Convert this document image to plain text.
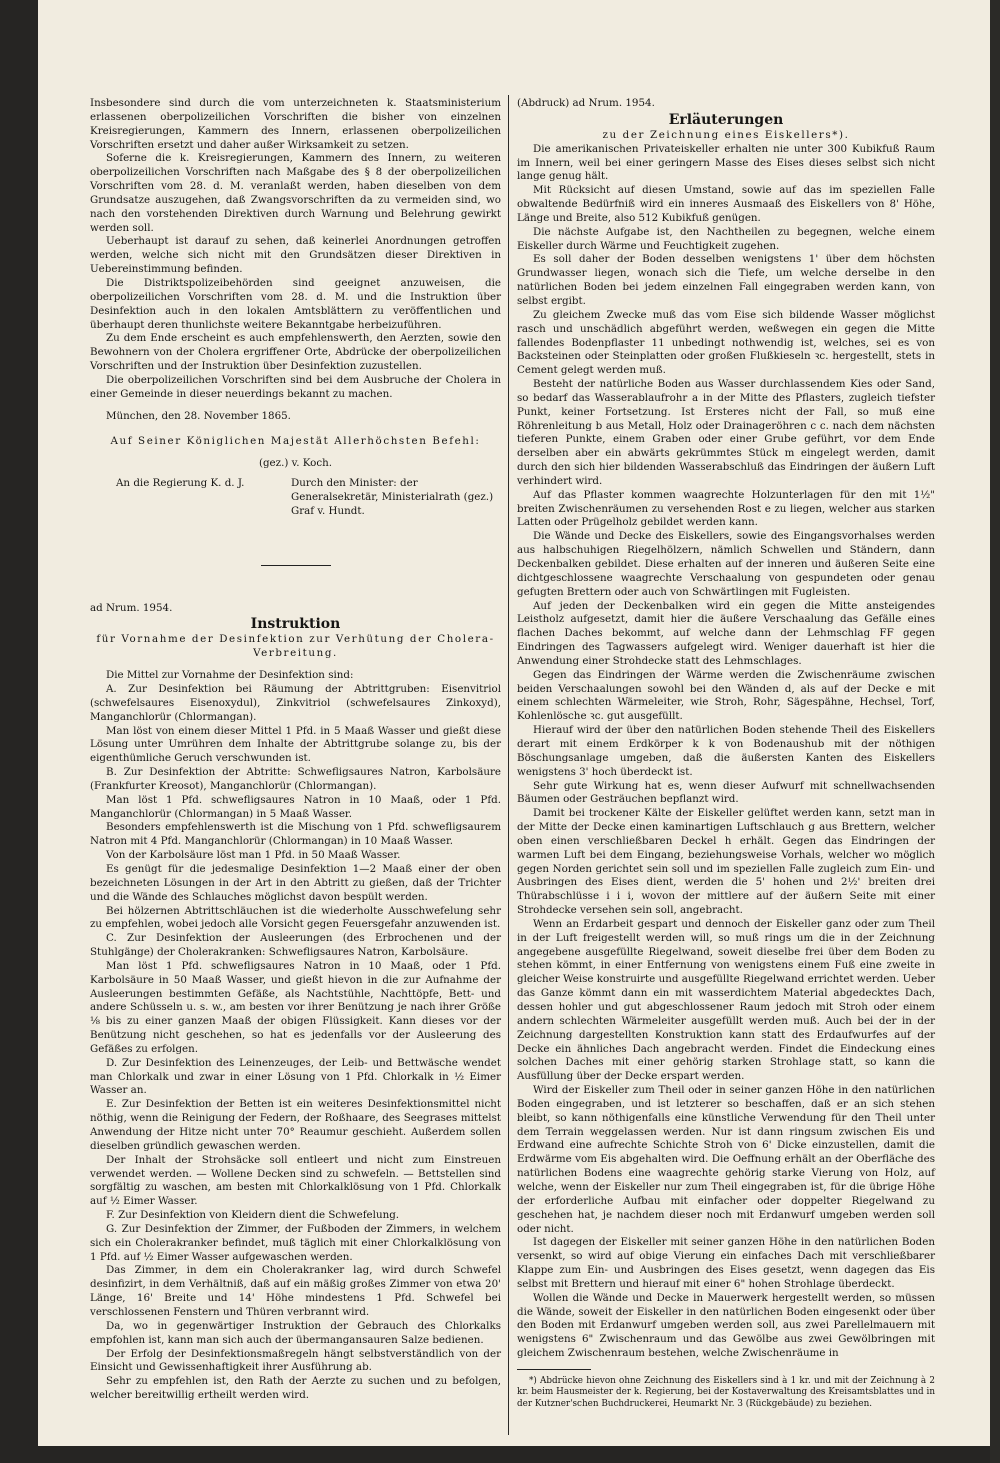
Insbesondere sind durch die vom unterzeichneten k. Staatsministerium erlassenen oberpolizeilichen Vorschriften die bisher von einzelnen Kreisregierungen, Kammern des Innern, erlassenen oberpolizeilichen Vorschriften ersetzt und daher außer Wirksamkeit zu setzen.

Soferne die k. Kreisregierungen, Kammern des Innern, zu weiteren oberpolizeilichen Vorschriften nach Maßgabe des § 8 der oberpolizeilichen Vorschriften vom 28. d. M. veranlaßt werden, haben dieselben von dem Grundsatze auszugehen, daß Zwangsvorschriften da zu vermeiden sind, wo nach den vorstehenden Direktiven durch Warnung und Belehrung gewirkt werden soll.

Ueberhaupt ist darauf zu sehen, daß keinerlei Anordnungen getroffen werden, welche sich nicht mit den Grundsätzen dieser Direktiven in Uebereinstimmung befinden.

Die Distriktspolizeibehörden sind geeignet anzuweisen, die oberpolizeilichen Vorschriften vom 28. d. M. und die Instruktion über Desinfektion auch in den lokalen Amtsblättern zu veröffentlichen und überhaupt deren thunlichste weitere Bekanntgabe herbeizuführen.

Zu dem Ende erscheint es auch empfehlenswerth, den Aerzten, sowie den Bewohnern von der Cholera ergriffener Orte, Abdrücke der oberpolizeilichen Vorschriften und der Instruktion über Desinfektion zuzustellen.

Die oberpolizeilichen Vorschriften sind bei dem Ausbruche der Cholera in einer Gemeinde in dieser neuerdings bekannt zu machen.

München, den 28. November 1865.

Auf Seiner Königlichen Majestät Allerhöchsten Befehl:

(gez.) v. Koch.

An die Regierung K. d. J.	Durch den Minister: der Generalsekretär, Ministerialrath (gez.) Graf v. Hundt.

ad Nrum. 1954.

Instruktion

für Vornahme der Desinfektion zur Verhütung der Cholera-Verbreitung.

Die Mittel zur Vornahme der Desinfektion sind:

A. Zur Desinfektion bei Räumung der Abtrittgruben: Eisenvitriol (schwefelsaures Eisenoxydul), Zinkvitriol (schwefelsaures Zinkoxyd), Manganchlorür (Chlormangan).

Man löst von einem dieser Mittel 1 Pfd. in 5 Maaß Wasser und gießt diese Lösung unter Umrühren dem Inhalte der Abtrittgrube solange zu, bis der eigenthümliche Geruch verschwunden ist.

B. Zur Desinfektion der Abtritte: Schwefligsaures Natron, Karbolsäure (Frankfurter Kreosot), Manganchlorür (Chlormangan).

Man löst 1 Pfd. schwefligsaures Natron in 10 Maaß, oder 1 Pfd. Manganchlorür (Chlormangan) in 5 Maaß Wasser.

Besonders empfehlenswerth ist die Mischung von 1 Pfd. schwefligsaurem Natron mit 4 Pfd. Manganchlorür (Chlormangan) in 10 Maaß Wasser.

Von der Karbolsäure löst man 1 Pfd. in 50 Maaß Wasser.

Es genügt für die jedesmalige Desinfektion 1—2 Maaß einer der oben bezeichneten Lösungen in der Art in den Abtritt zu gießen, daß der Trichter und die Wände des Schlauches möglichst davon bespült werden.

Bei hölzernen Abtrittschläuchen ist die wiederholte Ausschwefelung sehr zu empfehlen, wobei jedoch alle Vorsicht gegen Feuersgefahr anzuwenden ist.

C. Zur Desinfektion der Ausleerungen (des Erbrochenen und der Stuhlgänge) der Cholerakranken: Schwefligsaures Natron, Karbolsäure.

Man löst 1 Pfd. schwefligsaures Natron in 10 Maaß, oder 1 Pfd. Karbolsäure in 50 Maaß Wasser, und gießt hievon in die zur Aufnahme der Ausleerungen bestimmten Gefäße, als Nachtstühle, Nachttöpfe, Bett- und andere Schüsseln u. s. w., am besten vor ihrer Benützung je nach ihrer Größe ⅛ bis zu einer ganzen Maaß der obigen Flüssigkeit. Kann dieses vor der Benützung nicht geschehen, so hat es jedenfalls vor der Ausleerung des Gefäßes zu erfolgen.

D. Zur Desinfektion des Leinenzeuges, der Leib- und Bettwäsche wendet man Chlorkalk und zwar in einer Lösung von 1 Pfd. Chlorkalk in ½ Eimer Wasser an.

E. Zur Desinfektion der Betten ist ein weiteres Desinfektionsmittel nicht nöthig, wenn die Reinigung der Federn, der Roßhaare, des Seegrases mittelst Anwendung der Hitze nicht unter 70° Reaumur geschieht. Außerdem sollen dieselben gründlich gewaschen werden.

Der Inhalt der Strohsäcke soll entleert und nicht zum Einstreuen verwendet werden. — Wollene Decken sind zu schwefeln. — Bettstellen sind sorgfältig zu waschen, am besten mit Chlorkalklösung von 1 Pfd. Chlorkalk auf ½ Eimer Wasser.

F. Zur Desinfektion von Kleidern dient die Schwefelung.

G. Zur Desinfektion der Zimmer, der Fußboden der Zimmers, in welchem sich ein Cholerakranker befindet, muß täglich mit einer Chlorkalklösung von 1 Pfd. auf ½ Eimer Wasser aufgewaschen werden.

Das Zimmer, in dem ein Cholerakranker lag, wird durch Schwefel desinfizirt, in dem Verhältniß, daß auf ein mäßig großes Zimmer von etwa 20' Länge, 16' Breite und 14' Höhe mindestens 1 Pfd. Schwefel bei verschlossenen Fenstern und Thüren verbrannt wird.

Da, wo in gegenwärtiger Instruktion der Gebrauch des Chlorkalks empfohlen ist, kann man sich auch der übermangansauren Salze bedienen.

Der Erfolg der Desinfektionsmaßregeln hängt selbstverständlich von der Einsicht und Gewissenhaftigkeit ihrer Ausführung ab.

Sehr zu empfehlen ist, den Rath der Aerzte zu suchen und zu befolgen, welcher bereitwillig ertheilt werden wird.

(Abdruck) ad Nrum. 1954.

Erläuterungen

zu der Zeichnung eines Eiskellers*).

Die amerikanischen Privateiskeller erhalten nie unter 300 Kubikfuß Raum im Innern, weil bei einer geringern Masse des Eises dieses selbst sich nicht lange genug hält.

Mit Rücksicht auf diesen Umstand, sowie auf das im speziellen Falle obwaltende Bedürfniß wird ein inneres Ausmaaß des Eiskellers von 8' Höhe, Länge und Breite, also 512 Kubikfuß genügen.

Die nächste Aufgabe ist, den Nachtheilen zu begegnen, welche einem Eiskeller durch Wärme und Feuchtigkeit zugehen.

Es soll daher der Boden desselben wenigstens 1' über dem höchsten Grundwasser liegen, wonach sich die Tiefe, um welche derselbe in den natürlichen Boden bei jedem einzelnen Fall eingegraben werden kann, von selbst ergibt.

Zu gleichem Zwecke muß das vom Eise sich bildende Wasser möglichst rasch und unschädlich abgeführt werden, weßwegen ein gegen die Mitte fallendes Bodenpflaster 11 unbedingt nothwendig ist, welches, sei es von Backsteinen oder Steinplatten oder großen Flußkieseln ꝛc. hergestellt, stets in Cement gelegt werden muß.

Besteht der natürliche Boden aus Wasser durchlassendem Kies oder Sand, so bedarf das Wasserablaufrohr a in der Mitte des Pflasters, zugleich tiefster Punkt, keiner Fortsetzung. Ist Ersteres nicht der Fall, so muß eine Röhrenleitung b aus Metall, Holz oder Drainageröhren c c. nach dem nächsten tieferen Punkte, einem Graben oder einer Grube geführt, vor dem Ende derselben aber ein abwärts gekrümmtes Stück m eingelegt werden, damit durch den sich hier bildenden Wasserabschluß das Eindringen der äußern Luft verhindert wird.

Auf das Pflaster kommen waagrechte Holzunterlagen für den mit 1½" breiten Zwischenräumen zu versehenden Rost e zu liegen, welcher aus starken Latten oder Prügelholz gebildet werden kann.

Die Wände und Decke des Eiskellers, sowie des Eingangsvorhalses werden aus halbschuhigen Riegelhölzern, nämlich Schwellen und Ständern, dann Deckenbalken gebildet. Diese erhalten auf der inneren und äußeren Seite eine dichtgeschlossene waagrechte Verschaalung von gespundeten oder genau gefugten Brettern oder auch von Schwärtlingen mit Fugleisten.

Auf jeden der Deckenbalken wird ein gegen die Mitte ansteigendes Leistholz aufgesetzt, damit hier die äußere Verschaalung das Gefälle eines flachen Daches bekommt, auf welche dann der Lehmschlag FF gegen Eindringen des Tagwassers aufgelegt wird. Weniger dauerhaft ist hier die Anwendung einer Strohdecke statt des Lehmschlages.

Gegen das Eindringen der Wärme werden die Zwischenräume zwischen beiden Verschaalungen sowohl bei den Wänden d, als auf der Decke e mit einem schlechten Wärmeleiter, wie Stroh, Rohr, Sägespähne, Hechsel, Torf, Kohlenlösche ꝛc. gut ausgefüllt.

Hierauf wird der über den natürlichen Boden stehende Theil des Eiskellers derart mit einem Erdkörper k k von Bodenaushub mit der nöthigen Böschungsanlage umgeben, daß die äußersten Kanten des Eiskellers wenigstens 3' hoch überdeckt ist.

Sehr gute Wirkung hat es, wenn dieser Aufwurf mit schnellwachsenden Bäumen oder Gesträuchen bepflanzt wird.

Damit bei trockener Kälte der Eiskeller gelüftet werden kann, setzt man in der Mitte der Decke einen kaminartigen Luftschlauch g aus Brettern, welcher oben einen verschließbaren Deckel h erhält. Gegen das Eindringen der warmen Luft bei dem Eingang, beziehungsweise Vorhals, welcher wo möglich gegen Norden gerichtet sein soll und im speziellen Falle zugleich zum Ein- und Ausbringen des Eises dient, werden die 5' hohen und 2½' breiten drei Thürabschlüsse i i i, wovon der mittlere auf der äußern Seite mit einer Strohdecke versehen sein soll, angebracht.

Wenn an Erdarbeit gespart und dennoch der Eiskeller ganz oder zum Theil in der Luft freigestellt werden will, so muß rings um die in der Zeichnung angegebene ausgefüllte Riegelwand, soweit dieselbe frei über dem Boden zu stehen kömmt, in einer Entfernung von wenigstens einem Fuß eine zweite in gleicher Weise konstruirte und ausgefüllte Riegelwand errichtet werden. Ueber das Ganze kömmt dann ein mit wasserdichtem Material abgedecktes Dach, dessen hohler und gut abgeschlossener Raum jedoch mit Stroh oder einem andern schlechten Wärmeleiter ausgefüllt werden muß. Auch bei der in der Zeichnung dargestellten Konstruktion kann statt des Erdaufwurfes auf der Decke ein ähnliches Dach angebracht werden. Findet die Eindeckung eines solchen Daches mit einer gehörig starken Strohlage statt, so kann die Ausfüllung über der Decke erspart werden.

Wird der Eiskeller zum Theil oder in seiner ganzen Höhe in den natürlichen Boden eingegraben, und ist letzterer so beschaffen, daß er an sich stehen bleibt, so kann nöthigenfalls eine künstliche Verwendung für den Theil unter dem Terrain weggelassen werden. Nur ist dann ringsum zwischen Eis und Erdwand eine aufrechte Schichte Stroh von 6' Dicke einzustellen, damit die Erdwärme vom Eis abgehalten wird. Die Oeffnung erhält an der Oberfläche des natürlichen Bodens eine waagrechte gehörig starke Vierung von Holz, auf welche, wenn der Eiskeller nur zum Theil eingegraben ist, für die übrige Höhe der erforderliche Aufbau mit einfacher oder doppelter Riegelwand zu geschehen hat, je nachdem dieser noch mit Erdanwurf umgeben werden soll oder nicht.

Ist dagegen der Eiskeller mit seiner ganzen Höhe in den natürlichen Boden versenkt, so wird auf obige Vierung ein einfaches Dach mit verschließbarer Klappe zum Ein- und Ausbringen des Eises gesetzt, wenn dagegen das Eis selbst mit Brettern und hierauf mit einer 6" hohen Strohlage überdeckt.

Wollen die Wände und Decke in Mauerwerk hergestellt werden, so müssen die Wände, soweit der Eiskeller in den natürlichen Boden eingesenkt oder über den Boden mit Erdanwurf umgeben werden soll, aus zwei Parellelmauern mit wenigstens 6" Zwischenraum und das Gewölbe aus zwei Gewölbringen mit gleichem Zwischenraum bestehen, welche Zwischenräume in

*) Abdrücke hievon ohne Zeichnung des Eiskellers sind à 1 kr. und mit der Zeichnung à 2 kr. beim Hausmeister der k. Regierung, bei der Kostaverwaltung des Kreisamtsblattes und in der Kutzner'schen Buchdruckerei, Heumarkt Nr. 3 (Rückgebäude) zu beziehen.
